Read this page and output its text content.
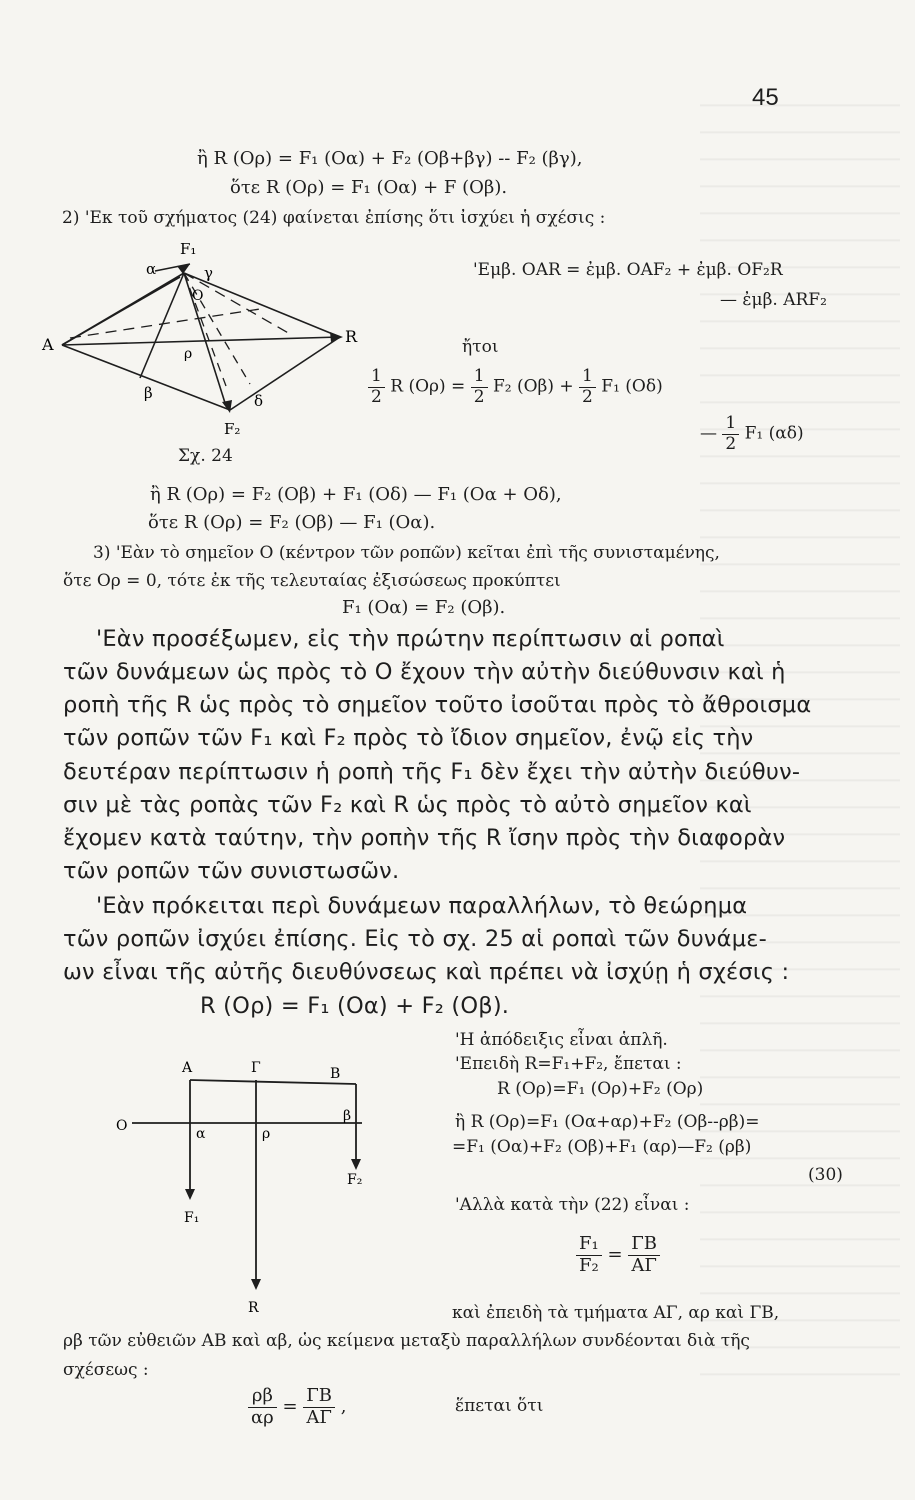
45
ἢ R (Oρ) = F₁ (Oα) + F₂ (Oβ+βγ) -- F₂ (βγ),
ὅτε R (Oρ) = F₁ (Oα) + F (Oβ).
2) 'Εκ τοῦ σχήματος (24) φαίνεται ἐπίσης ὅτι ἰσχύει ἡ σχέσις :
F₁
α	γ
O
A	R
ρ
β	δ
F₂
'Εμβ. OAR = ἐμβ. OAF₂ + ἐμβ. OF₂R
— ἐμβ. ARF₂
ἤτοι
$\frac{1}{2}$ R $(O\rho) = \frac{1}{2} F_2$ $(O\beta) + \frac{1}{2} F_1$ (Oδ)
— $\frac{1}{2} F_1$ (αδ)
Σχ. 24
ἢ R (Oρ) = F₂ (Oβ) + F₁ (Oδ) — F₁ (Oα + Oδ),
ὅτε R (Oρ) = F₂ (Oβ) — F₁ (Oα).
3) 'Εὰν τὸ σημεῖον O (κέντρον τῶν ροπῶν) κεῖται ἐπὶ τῆς συνισταμένης,
ὅτε Oρ = 0, τότε ἐκ τῆς τελευταίας ἐξισώσεως προκύπτει
F₁ (Oα) = F₂ (Oβ).
'Εὰν προσέξωμεν, εἰς τὴν πρώτην περίπτωσιν αἱ ροπαὶ
τῶν δυνάμεων ὡς πρὸς τὸ O ἔχουν τὴν αὐτὴν διεύθυνσιν καὶ ἡ
ροπὴ τῆς R ὡς πρὸς τὸ σημεῖον τοῦτο ἰσοῦται πρὸς τὸ ἄθροισμα
τῶν ροπῶν τῶν F₁ καὶ F₂ πρὸς τὸ ἴδιον σημεῖον, ἐνῷ εἰς τὴν
δευτέραν περίπτωσιν ἡ ροπὴ τῆς F₁ δὲν ἔχει τὴν αὐτὴν διεύθυν-
σιν μὲ τὰς ροπὰς τῶν F₂ καὶ R ὡς πρὸς τὸ αὐτὸ σημεῖον καὶ
ἔχομεν κατὰ ταύτην, τὴν ροπὴν τῆς R ἴσην πρὸς τὴν διαφορὰν
τῶν ροπῶν τῶν συνιστωσῶν.
'Εὰν πρόκειται περὶ δυνάμεων παραλλήλων, τὸ θεώρημα
τῶν ροπῶν ἰσχύει ἐπίσης. Εἰς τὸ σχ. 25 αἱ ροπαὶ τῶν δυνάμε-
ων εἶναι τῆς αὐτῆς διευθύνσεως καὶ πρέπει νὰ ἰσχύῃ ἡ σχέσις :
R (Oρ) = F₁ (Oα) + F₂ (Oβ).
A	Γ	B
O	α	ρ
β
F₂
F₁
R
'Η ἀπόδειξις εἶναι ἁπλῆ.
'Επειδὴ R=F₁+F₂, ἔπεται :
R (Oρ)=F₁ (Oρ)+F₂ (Oρ)
ἢ R (Oρ)=F₁ (Oα+αρ)+F₂ (Oβ--ρβ)=
=F₁ (Oα)+F₂ (Oβ)+F₁ (αρ)—F₂ (ρβ)
(30)
'Αλλὰ κατὰ τὴν (22) εἶναι :
$\frac{\text{F₁}}{\text{F₂}} = \frac{\Gamma B}{A\Gamma}$
καὶ ἐπειδὴ τὰ τμήματα AΓ, αρ καὶ ΓB,
ρβ τῶν εὐθειῶν AB καὶ αβ, ὡς κείμενα μεταξὺ παραλλήλων συνδέονται διὰ τῆς
σχέσεως :
$\frac{\rho\beta}{\alpha\rho} = \frac{\Gamma B}{A\Gamma}$ ,	ἕπεται ὅτι
